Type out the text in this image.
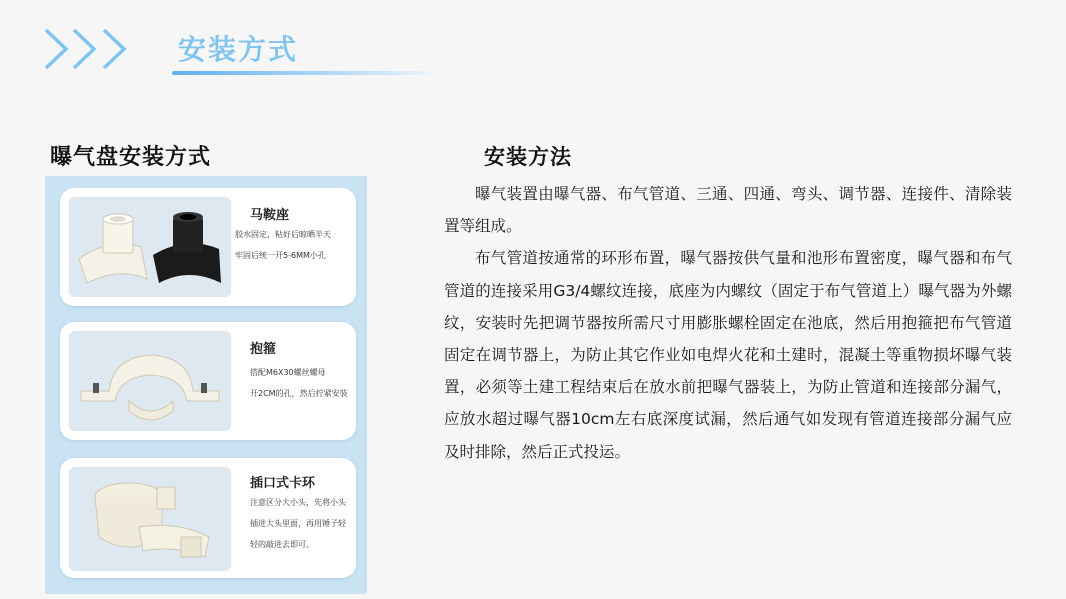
安装方式
曝气盘安装方式	安装方法
马鞍座
胶水固定，粘好后晾晒半天
牢固后统一开5-6MM小孔
抱箍
搭配M6X30螺丝螺母
开2CM的孔，然后拧紧安装
插口式卡环
注意区分大小头，先将小头
插进大头里面，再用锤子轻
轻的敲进去即可。

曝气装置由曝气器、布气管道、三通、四通、弯头、调节器、连接件、清除装置等组成。

布气管道按通常的环形布置，曝气器按供气量和池形布置密度，曝气器和布气管道的连接采用G3/4螺纹连接，底座为内螺纹（固定于布气管道上）曝气器为外螺纹，安装时先把调节器按所需尺寸用膨胀螺栓固定在池底，然后用抱箍把布气管道固定在调节器上，为防止其它作业如电焊火花和土建时，混凝土等重物损坏曝气装置，必须等土建工程结束后在放水前把曝气器装上，为防止管道和连接部分漏气，应放水超过曝气器10cm左右底深度试漏，然后通气如发现有管道连接部分漏气应及时排除，然后正式投运。
